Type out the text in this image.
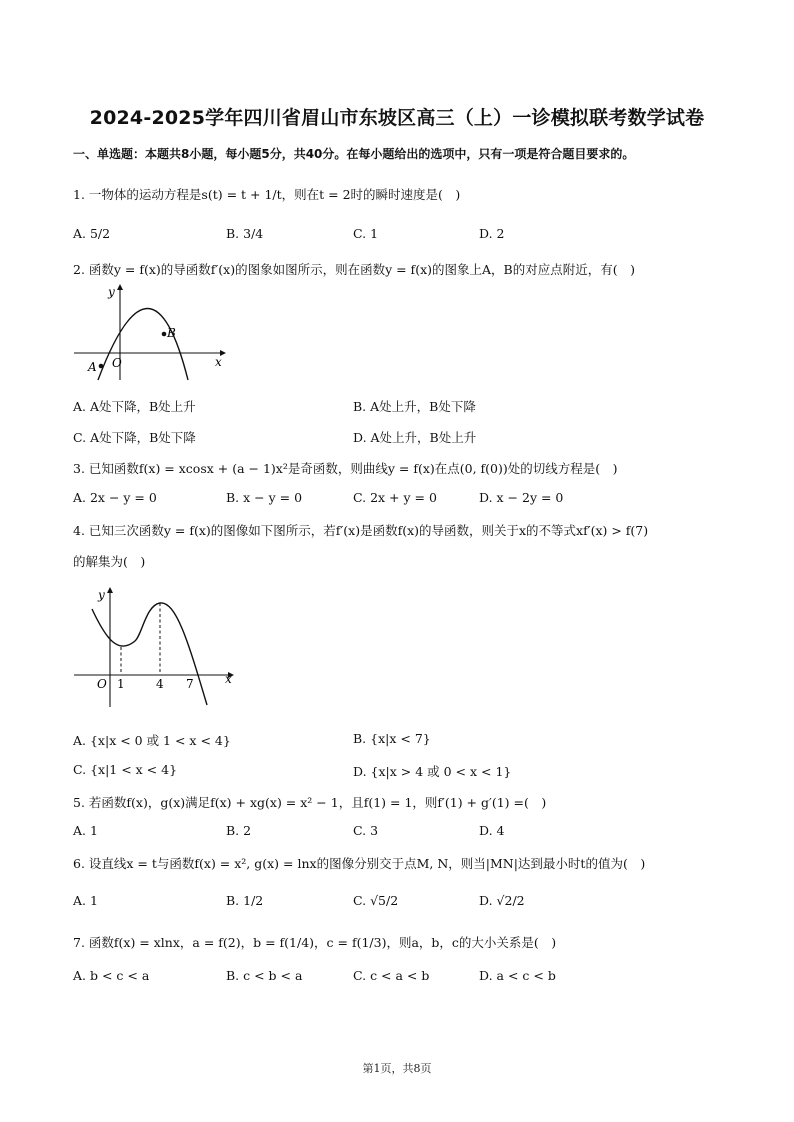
2024-2025学年四川省眉山市东坡区高三（上）一诊模拟联考数学试卷
一、单选题：本题共8小题，每小题5分，共40分。在每小题给出的选项中，只有一项是符合题目要求的。
1. 一物体的运动方程是s(t) = t + 1/t，则在t = 2时的瞬时速度是(　)
A. 5/2	B. 3/4	C. 1	D. 2
2. 函数y = f(x)的导函数f′(x)的图象如图所示，则在函数y = f(x)的图象上A，B的对应点附近，有(　)
x
y
O
A
B
A. A处下降，B处上升	B. A处上升，B处下降
C. A处下降，B处下降	D. A处上升，B处上升
3. 已知函数f(x) = xcosx + (a − 1)x²是奇函数，则曲线y = f(x)在点(0, f(0))处的切线方程是(　)
A. 2x − y = 0	B. x − y = 0	C. 2x + y = 0	D. x − 2y = 0
4. 已知三次函数y = f(x)的图像如下图所示，若f′(x)是函数f(x)的导函数，则关于x的不等式xf′(x) > f(7)
的解集为(　)
x
y
O 1	4 7
A. {x|x < 0 或 1 < x < 4}	B. {x|x < 7}
C. {x|1 < x < 4}	D. {x|x > 4 或 0 < x < 1}
5. 若函数f(x)，g(x)满足f(x) + xg(x) = x² − 1，且f(1) = 1，则f′(1) + g′(1) =(　)
A. 1	B. 2	C. 3	D. 4
6. 设直线x = t与函数f(x) = x², g(x) = lnx的图像分别交于点M, N，则当|MN|达到最小时t的值为(　)
A. 1	B. 1/2	C. √5/2	D. √2/2
7. 函数f(x) = xlnx，a = f(2)，b = f(1/4)，c = f(1/3)，则a，b，c的大小关系是(　)
A. b < c < a	B. c < b < a	C. c < a < b	D. a < c < b
第1页，共8页
